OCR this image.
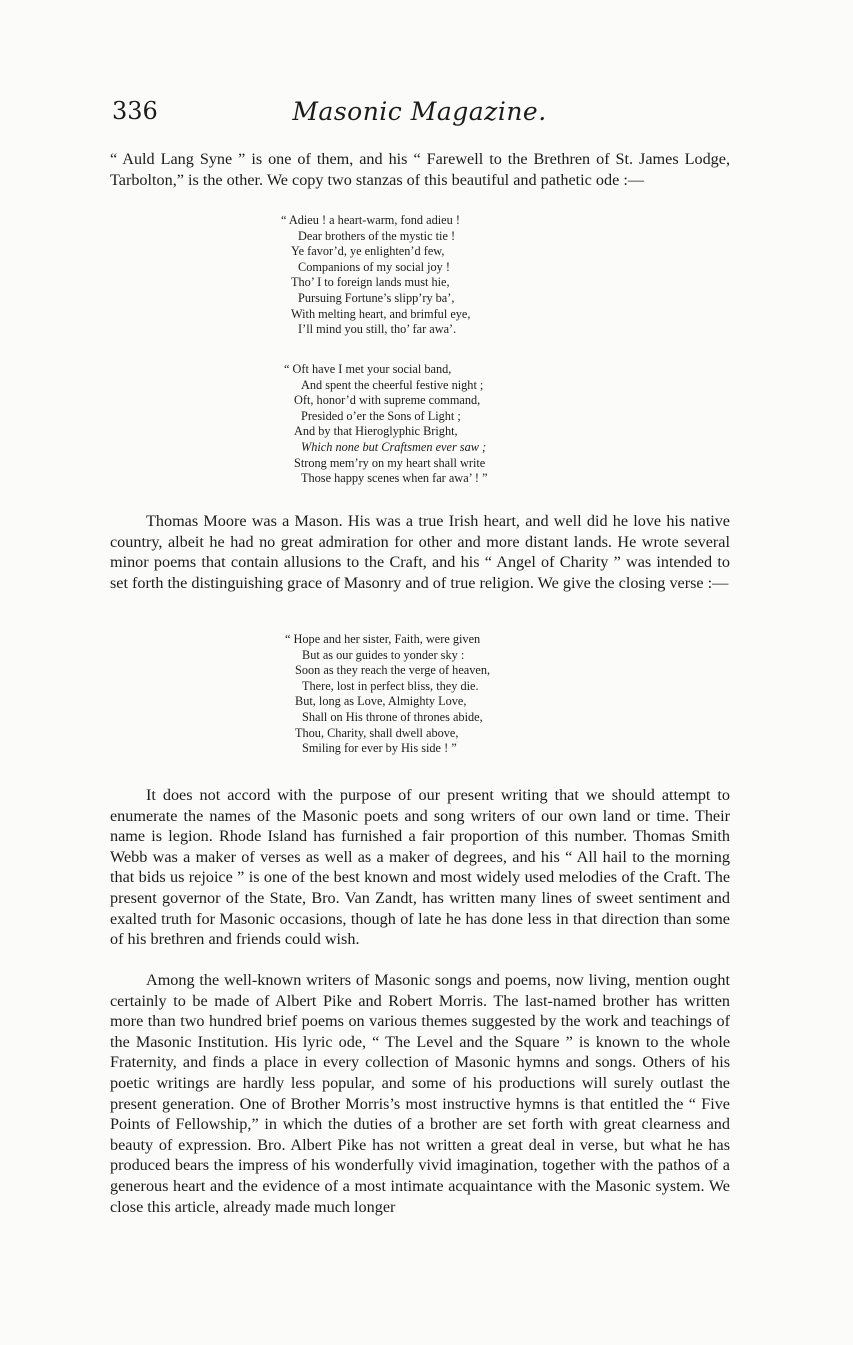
336	Masonic Magazine.

“ Auld Lang Syne ” is one of them, and his “ Farewell to the Brethren of St. James Lodge, Tarbolton,” is the other. We copy two stanzas of this beautiful and pathetic ode :—

“ Adieu ! a heart-warm, fond adieu !
Dear brothers of the mystic tie !
Ye favor’d, ye enlighten’d few,
Companions of my social joy !
Tho’ I to foreign lands must hie,
Pursuing Fortune’s slipp’ry ba’,
With melting heart, and brimful eye,
I’ll mind you still, tho’ far awa’.
“ Oft have I met your social band,
And spent the cheerful festive night ;
Oft, honor’d with supreme command,
Presided o’er the Sons of Light ;
And by that Hieroglyphic Bright,
Which none but Craftsmen ever saw ;
Strong mem’ry on my heart shall write
Those happy scenes when far awa’ ! ”

Thomas Moore was a Mason. His was a true Irish heart, and well did he love his native country, albeit he had no great admiration for other and more distant lands. He wrote several minor poems that contain allusions to the Craft, and his “ Angel of Charity ” was intended to set forth the distinguishing grace of Masonry and of true religion. We give the closing verse :—

“ Hope and her sister, Faith, were given
But as our guides to yonder sky :
Soon as they reach the verge of heaven,
There, lost in perfect bliss, they die.
But, long as Love, Almighty Love,
Shall on His throne of thrones abide,
Thou, Charity, shall dwell above,
Smiling for ever by His side ! ”

It does not accord with the purpose of our present writing that we should attempt to enumerate the names of the Masonic poets and song writers of our own land or time. Their name is legion. Rhode Island has furnished a fair proportion of this number. Thomas Smith Webb was a maker of verses as well as a maker of degrees, and his “ All hail to the morning that bids us rejoice ” is one of the best known and most widely used melodies of the Craft. The present governor of the State, Bro. Van Zandt, has written many lines of sweet sentiment and exalted truth for Masonic occasions, though of late he has done less in that direction than some of his brethren and friends could wish.

Among the well-known writers of Masonic songs and poems, now living, mention ought certainly to be made of Albert Pike and Robert Morris. The last-named brother has written more than two hundred brief poems on various themes suggested by the work and teachings of the Masonic Institution. His lyric ode, “ The Level and the Square ” is known to the whole Fraternity, and finds a place in every collection of Masonic hymns and songs. Others of his poetic writings are hardly less popular, and some of his productions will surely outlast the present generation. One of Brother Morris’s most instructive hymns is that entitled the “ Five Points of Fellowship,” in which the duties of a brother are set forth with great clearness and beauty of expression. Bro. Albert Pike has not written a great deal in verse, but what he has produced bears the impress of his wonderfully vivid imagination, together with the pathos of a generous heart and the evidence of a most intimate acquaintance with the Masonic system. We close this article, already made much longer
